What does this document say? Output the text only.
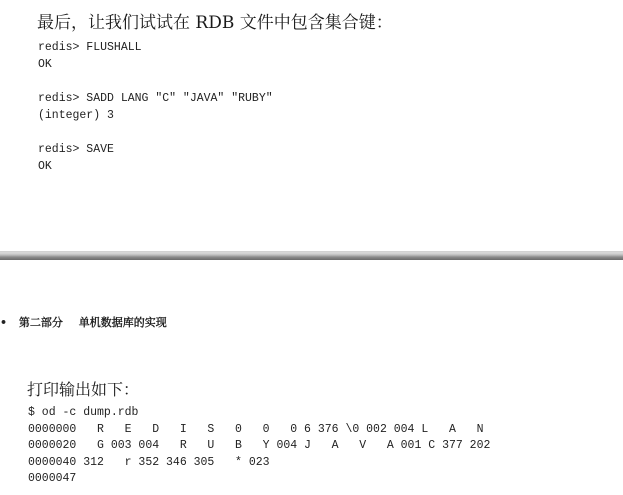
最后，让我们试试在 RDB 文件中包含集合键：
redis> FLUSHALL
OK
redis> SADD LANG "C" "JAVA" "RUBY"
(integer) 3
redis> SAVE
OK

• 第二部分 单机数据库的实现

打印输出如下：
$ od -c dump.rdb
0000000   R   E   D   I   S   0   0   0 6 376 \0 002 004 L   A   N
0000020   G 003 004   R   U   B   Y 004 J   A   V   A 001 C 377 202
0000040 312   r 352 346 305   * 023
0000047
